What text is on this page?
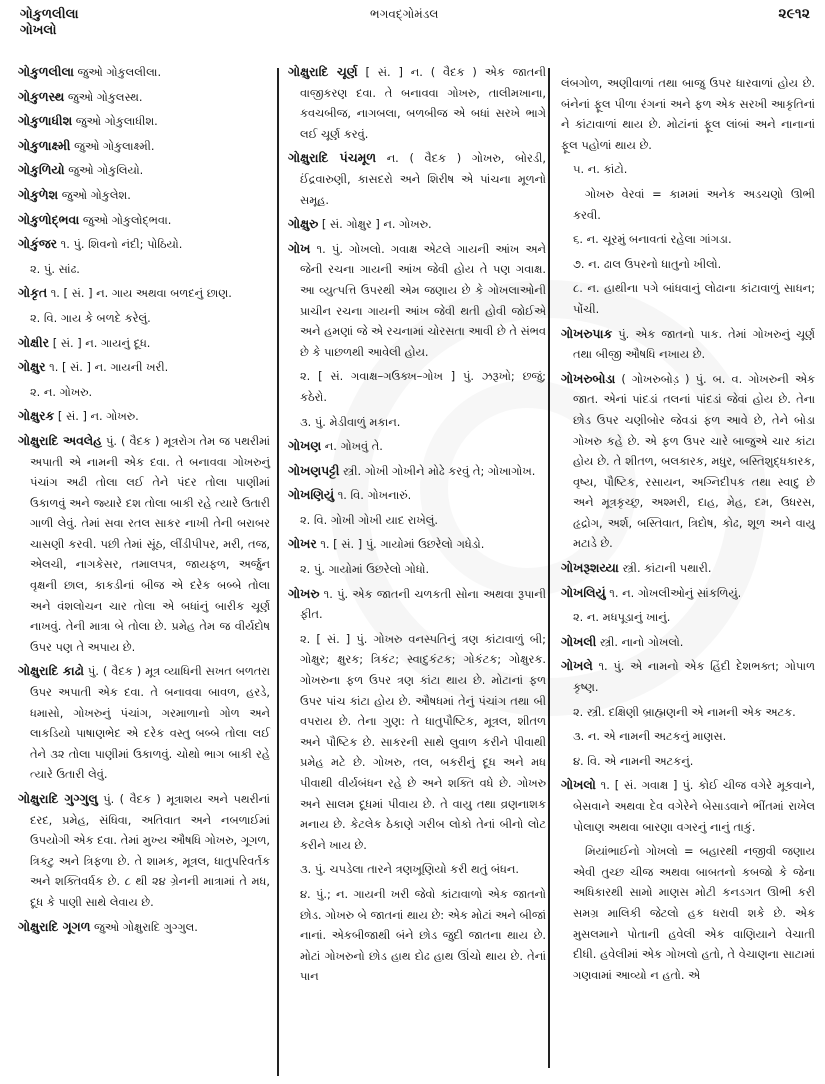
ગોકુળલીલા
ગોખલો
ભગવદ્ગોમંડલ	૨૯૧૨

ગોકુળલીલા જુઓ ગોકુલલીલા.

ગોકુળસ્થ જુઓ ગોકુલસ્થ.

ગોકુળાધીશ જુઓ ગોકુલાધીશ.

ગોકુળાક્ષ્મી જુઓ ગોકુલાક્ષ્મી.

ગોકુળિયો જુઓ ગોકુલિયો.

ગોકુળેશ જુઓ ગોકુલેશ.

ગોકુળોદ્ભવા જુઓ ગોકુલોદ્ભવા.

ગોકુંજર ૧. પું. શિવનો નંદી; પોઠિયો.

૨. પું. સાંઢ.

ગોકૃત ૧. [ સં. ] ન. ગાય અથવા બળદનું છાણ.

૨. વિ. ગાય કે બળદે કરેલું.

ગોક્ષીર [ સં. ] ન. ગાયનું દૂધ.

ગોક્ષુર ૧. [ સં. ] ન. ગાયની ખરી.

૨. ન. ગોખરુ.

ગોક્ષુરક [ સં. ] ન. ગોખરુ.

ગોક્ષુરાદિ અવલેહ પું. ( વૈદક ) મૂત્રરોગ તેમ જ પથરીમાં અપાતી એ નામની એક દવા. તે બનાવવા ગોખરુનું પંચાંગ અઢી તોલા લઈ તેને પંદર તોલા પાણીમાં ઉકાળવું અને જ્યારે દશ તોલા બાકી રહે ત્યારે ઉતારી ગાળી લેવું. તેમાં સવા રતલ સાકર નાખી તેની બરાબર ચાસણી કરવી. પછી તેમાં સૂંઠ, લીંડીપીપર, મરી, તજ, એલચી, નાગકેસર, તમાલપત્ર, જાયફળ, અર્જુન વૃક્ષની છાલ, કાકડીનાં બીજ એ દરેક બબ્બે તોલા અને વંશલોચન ચાર તોલા એ બધાંનું બારીક ચૂર્ણ નાખવું. તેની માત્રા બે તોલા છે. પ્રમેહ તેમ જ વીર્યદોષ ઉપર પણ તે અપાય છે.

ગોક્ષુરાદિ કાઢો પું. ( વૈદક ) મૂત્ર વ્યાધિની સખત બળતરા ઉપર અપાતી એક દવા. તે બનાવવા બાવળ, હરડે, ધમાસો, ગોખરુનું પંચાંગ, ગરમાળાનો ગોળ અને લાકડિયો પાષાણભેદ એ દરેક વસ્તુ બબ્બે તોલા લઈ તેને ૩૨ તોલા પાણીમાં ઉકાળવું. ચોથો ભાગ બાકી રહે ત્યારે ઉતારી લેવું.

ગોક્ષુરાદિ ગુગ્ગુલુ પું. ( વૈદક ) મૂત્રાશય અને પથરીનાં દરદ, પ્રમેહ, સંધિવા, અતિવાત અને નબળાઈમાં ઉપયોગી એક દવા. તેમાં મુખ્ય ઔષધિ ગોખરુ, ગૂગળ, ત્રિકટુ અને ત્રિફળા છે. તે શામક, મૂત્રલ, ધાતુપરિવર્તક અને શક્તિવર્ધક છે. ૮ થી ૨૪ ગ્રેનની માત્રામાં તે મધ, દૂધ કે પાણી સાથે લેવાય છે.

ગોક્ષુરાદિ ગૂગળ જુઓ ગોક્ષુરાદિ ગુગ્ગુલ.

ગોક્ષુરાદિ ચૂર્ણ [ સં. ] ન. ( વૈદક ) એક જાતની વાજીકરણ દવા. તે બનાવવા ગોખરુ, તાલીમખાના, કવચબીજ, નાગબલા, બળબીજ એ બધાં સરખે ભાગે લઈ ચૂર્ણ કરવું.

ગોક્ષુરાદિ પંચમૂળ ન. ( વૈદક ) ગોખરુ, બોરડી, ઈંદ્રવારુણી, કાસદરો અને શિરીષ એ પાંચના મૂળનો સમૂહ.

ગોક્ષુરુ [ સં. ગોક્ષુર ] ન. ગોખરુ.

ગોખ ૧. પું. ગોખલો. ગવાક્ષ એટલે ગાયની આંખ અને જેની રચના ગાયની આંખ જેવી હોય તે પણ ગવાક્ષ. આ વ્યુત્પત્તિ ઉપરથી એમ જણાય છે કે ગોખલાઓની પ્રાચીન રચના ગાયની આંખ જેવી થતી હોવી જોઈએ અને હમણાં જે એ રચનામાં ચોરસતા આવી છે તે સંભવ છે કે પાછળથી આવેલી હોય.

૨. [ સં. ગવાક્ષ–ગઉક્ખ–ગોખ ] પું. ઝરૂખો; છજું; કઠેરો.

૩. પું. મેડીવાળું મકાન.

ગોખણ ન. ગોખવું તે.

ગોખણપટ્ટી સ્ત્રી. ગોખી ગોખીને મોઢે કરવું તે; ગોખાગોખ.

ગોખણિયું ૧. વિ. ગોખનારું.

૨. વિ. ગોખી ગોખી યાદ રાખેલું.

ગોખર ૧. [ સં. ] પું. ગાયોમાં ઉછરેલો ગધેડો.

૨. પું. ગાયોમાં ઉછરેલો ગોધો.

ગોખરુ ૧. પું. એક જાતની ચળકતી સોના અથવા રૂપાની ફીત.

૨. [ સં. ] પું. ગોખરુ વનસ્પતિનું ત્રણ કાંટાવાળું બી; ગોક્ષુર; ક્ષુરક; ત્રિકંટ; સ્વાદુકંટક; ગોકંટક; ગોક્ષુરક. ગોખરુના ફળ ઉપર ત્રણ કાંટા થાય છે. મોટાનાં ફળ ઉપર પાંચ કાંટા હોય છે. ઔષધમાં તેનું પંચાંગ તથા બી વપરાય છે. તેના ગુણ: તે ધાતુપૌષ્ટિક, મૂત્રલ, શીતળ અને પૌષ્ટિક છે. સાકરની સાથે લુવાળ કરીને પીવાથી પ્રમેહ મટે છે. ગોખરુ, તલ, બકરીનું દૂધ અને મધ પીવાથી વીર્યબંધન રહે છે અને શક્તિ વધે છે. ગોખરુ અને સાલમ દૂધમાં પીવાય છે. તે વાયુ તથા વ્રણનાશક મનાય છે. કેટલેક ઠેકાણે ગરીબ લોકો તેનાં બીનો લોટ કરીને ખાય છે.

૩. પું. ચપડેલા તારને ત્રણખૂણિયો કરી થતું બંધન.

૪. પું.; ન. ગાયની ખરી જેવો કાંટાવાળો એક જાતનો છોડ. ગોખરુ બે જાતનાં થાય છે: એક મોટાં અને બીજાં નાનાં. એકબીજાથી બંને છોડ જુદી જાતના થાય છે. મોટાં ગોખરુનો છોડ હાથ દોઢ હાથ ઊંચો થાય છે. તેનાં પાન

લંબગોળ, અણીવાળાં તથા બાજુ ઉપર ધારવાળાં હોય છે. બંનેનાં ફૂલ પીળા રંગનાં અને ફળ એક સરખી આકૃતિનાં ને કાંટાવાળાં થાય છે. મોટાંનાં ફૂલ લાંબાં અને નાનાનાં ફૂલ પહોળાં થાય છે.

૫. ન. કાંટો.

ગોખરુ વેરવાં = કામમાં અનેક અડચણો ઊભી કરવી.

૬. ન. ચૂરમું બનાવતાં રહેલા ગાંગડા.

૭. ન. ઢાલ ઉપરનો ધાતુનો ખીલો.

૮. ન. હાથીના પગે બાંધવાનું લોઢાના કાંટાવાળું સાધન; પોંચી.

ગોખરુપાક પું. એક જાતનો પાક. તેમાં ગોખરુનું ચૂર્ણ તથા બીજી ઔષધિ નખાય છે.

ગોખરુબોડા ( ગોખરુબોડ઼ ) પું. બ. વ. ગોખરુની એક જાત. એનાં પાંદડાં તલનાં પાંદડાં જેવાં હોય છે. તેના છોડ ઉપર ચણીબોર જેવડાં ફળ આવે છે, તેને બોડા ગોખરુ કહે છે. એ ફળ ઉપર ચારે બાજુએ ચાર કાંટા હોય છે. તે શીતળ, બલકારક, મધુર, બસ્તિશુદ્ધકારક, વૃષ્ય, પૌષ્ટિક, રસાયન, અગ્નિદીપક તથા સ્વાદુ છે અને મૂત્રકૃચ્છ્ર, અશ્મરી, દાહ, મેહ, દમ, ઉધરસ, હૃદ્રોગ, અર્શ, બસ્તિવાત, ત્રિદોષ, કોઢ, શૂળ અને વાયુ મટાડે છે.

ગોખરૂશય્યા સ્ત્રી. કાંટાની પથારી.

ગોખલિયું ૧. ન. ગોખલીઓનું સાંકળિયું.

૨. ન. મધપૂડાનું ખાનું.

ગોખલી સ્ત્રી. નાનો ગોખલો.

ગોખલે ૧. પું. એ નામનો એક હિંદી દેશભક્ત; ગોપાળ કૃષ્ણ.

૨. સ્ત્રી. દક્ષિણી બ્રાહ્મણની એ નામની એક અટક.

૩. ન. એ નામની અટકનું માણસ.

૪. વિ. એ નામની અટકનું.

ગોખલો ૧. [ સં. ગવાક્ષ ] પું. કોઈ ચીજ વગેરે મૂકવાને, બેસવાને અથવા દેવ વગેરેને બેસાડવાને ભીંતમાં રાખેલ પોલાણ અથવા બારણા વગરનું નાનું તાકું.

મિયાંભાઈનો ગોખલો = બહારથી નજીવી જણાય એવી તુચ્છ ચીજ અથવા બાબતનો કબજો કે જેના અધિકારથી સામો માણસ મોટી કનડગત ઊભી કરી સમગ્ર માલિકી જેટલો હક ધરાવી શકે છે. એક મુસલમાને પોતાની હવેલી એક વાણિયાને વેચાતી દીધી. હવેલીમાં એક ગોખલો હતો, તે વેચાણના સાટામાં ગણવામાં આવ્યો ન હતો. એ
